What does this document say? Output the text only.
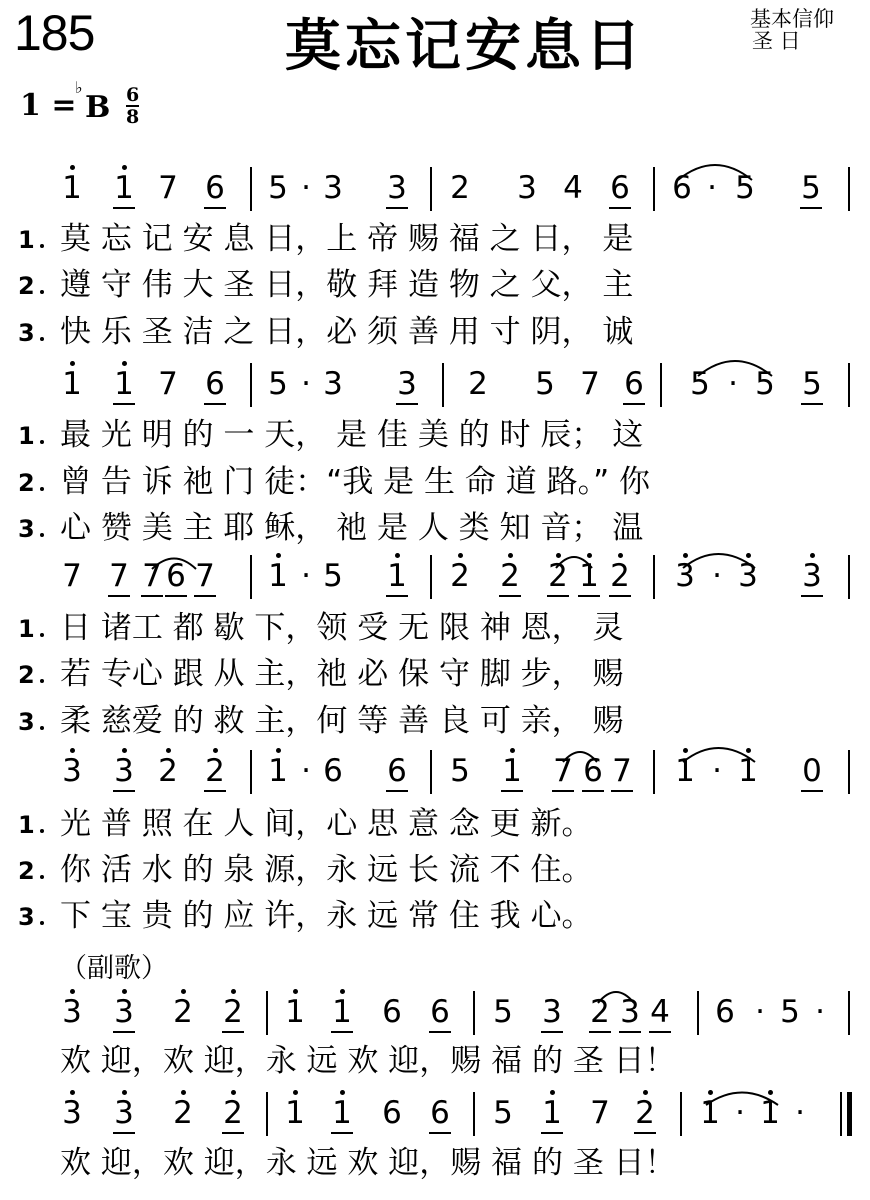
185	莫忘记安息日	基本信仰
圣 日
1 =
♭
B 6
8
（副歌）
1 1 7 6 5 · 3 3 2 3 4 6 6 · 5 5
1 莫 忘 记 安 息 日，上 帝 赐 福 之 日， 是
2 遵 守 伟 大 圣 日，敬 拜 造 物 之 父， 主
3 快 乐 圣 洁 之 日，必 须 善 用 寸 阴， 诚
1 1 7 6 5 · 3 3 2 5 7 6 5 · 5 5
1 最 光 明 的 一 天， 是 佳 美 的 时 辰； 这
2 曾 告 诉 祂 门 徒：“我 是 生 命 道 路。” 你
3 心 赞 美 主 耶 稣， 祂 是 人 类 知 音； 温
7 7 7 6 7 1 · 5 1 2 2 2 1 2 3 · 3 3
1 日 诸工 都 歇 下，领 受 无 限 神 恩， 灵
2 若 专心 跟 从 主，祂 必 保 守 脚 步， 赐
3 柔 慈爱 的 救 主，何 等 善 良 可 亲， 赐
3 3 2 2 1 · 6 6 5 1 7 6 7 1 · 1 0
1 光 普 照 在 人 间，心 思 意 念 更 新。
2 你 活 水 的 泉 源，永 远 长 流 不 住。
3 下 宝 贵 的 应 许，永 远 常 住 我 心。
3 3 2 2 1 1 6 6 5 3 2 3 4 6 · 5 ·
欢 迎，欢 迎，永 远 欢 迎，赐 福 的 圣 日！
3 3 2 2 1 1 6 6 5 1 7 2 1 · 1 ·
欢 迎，欢 迎，永 远 欢 迎，赐 福 的 圣 日！
